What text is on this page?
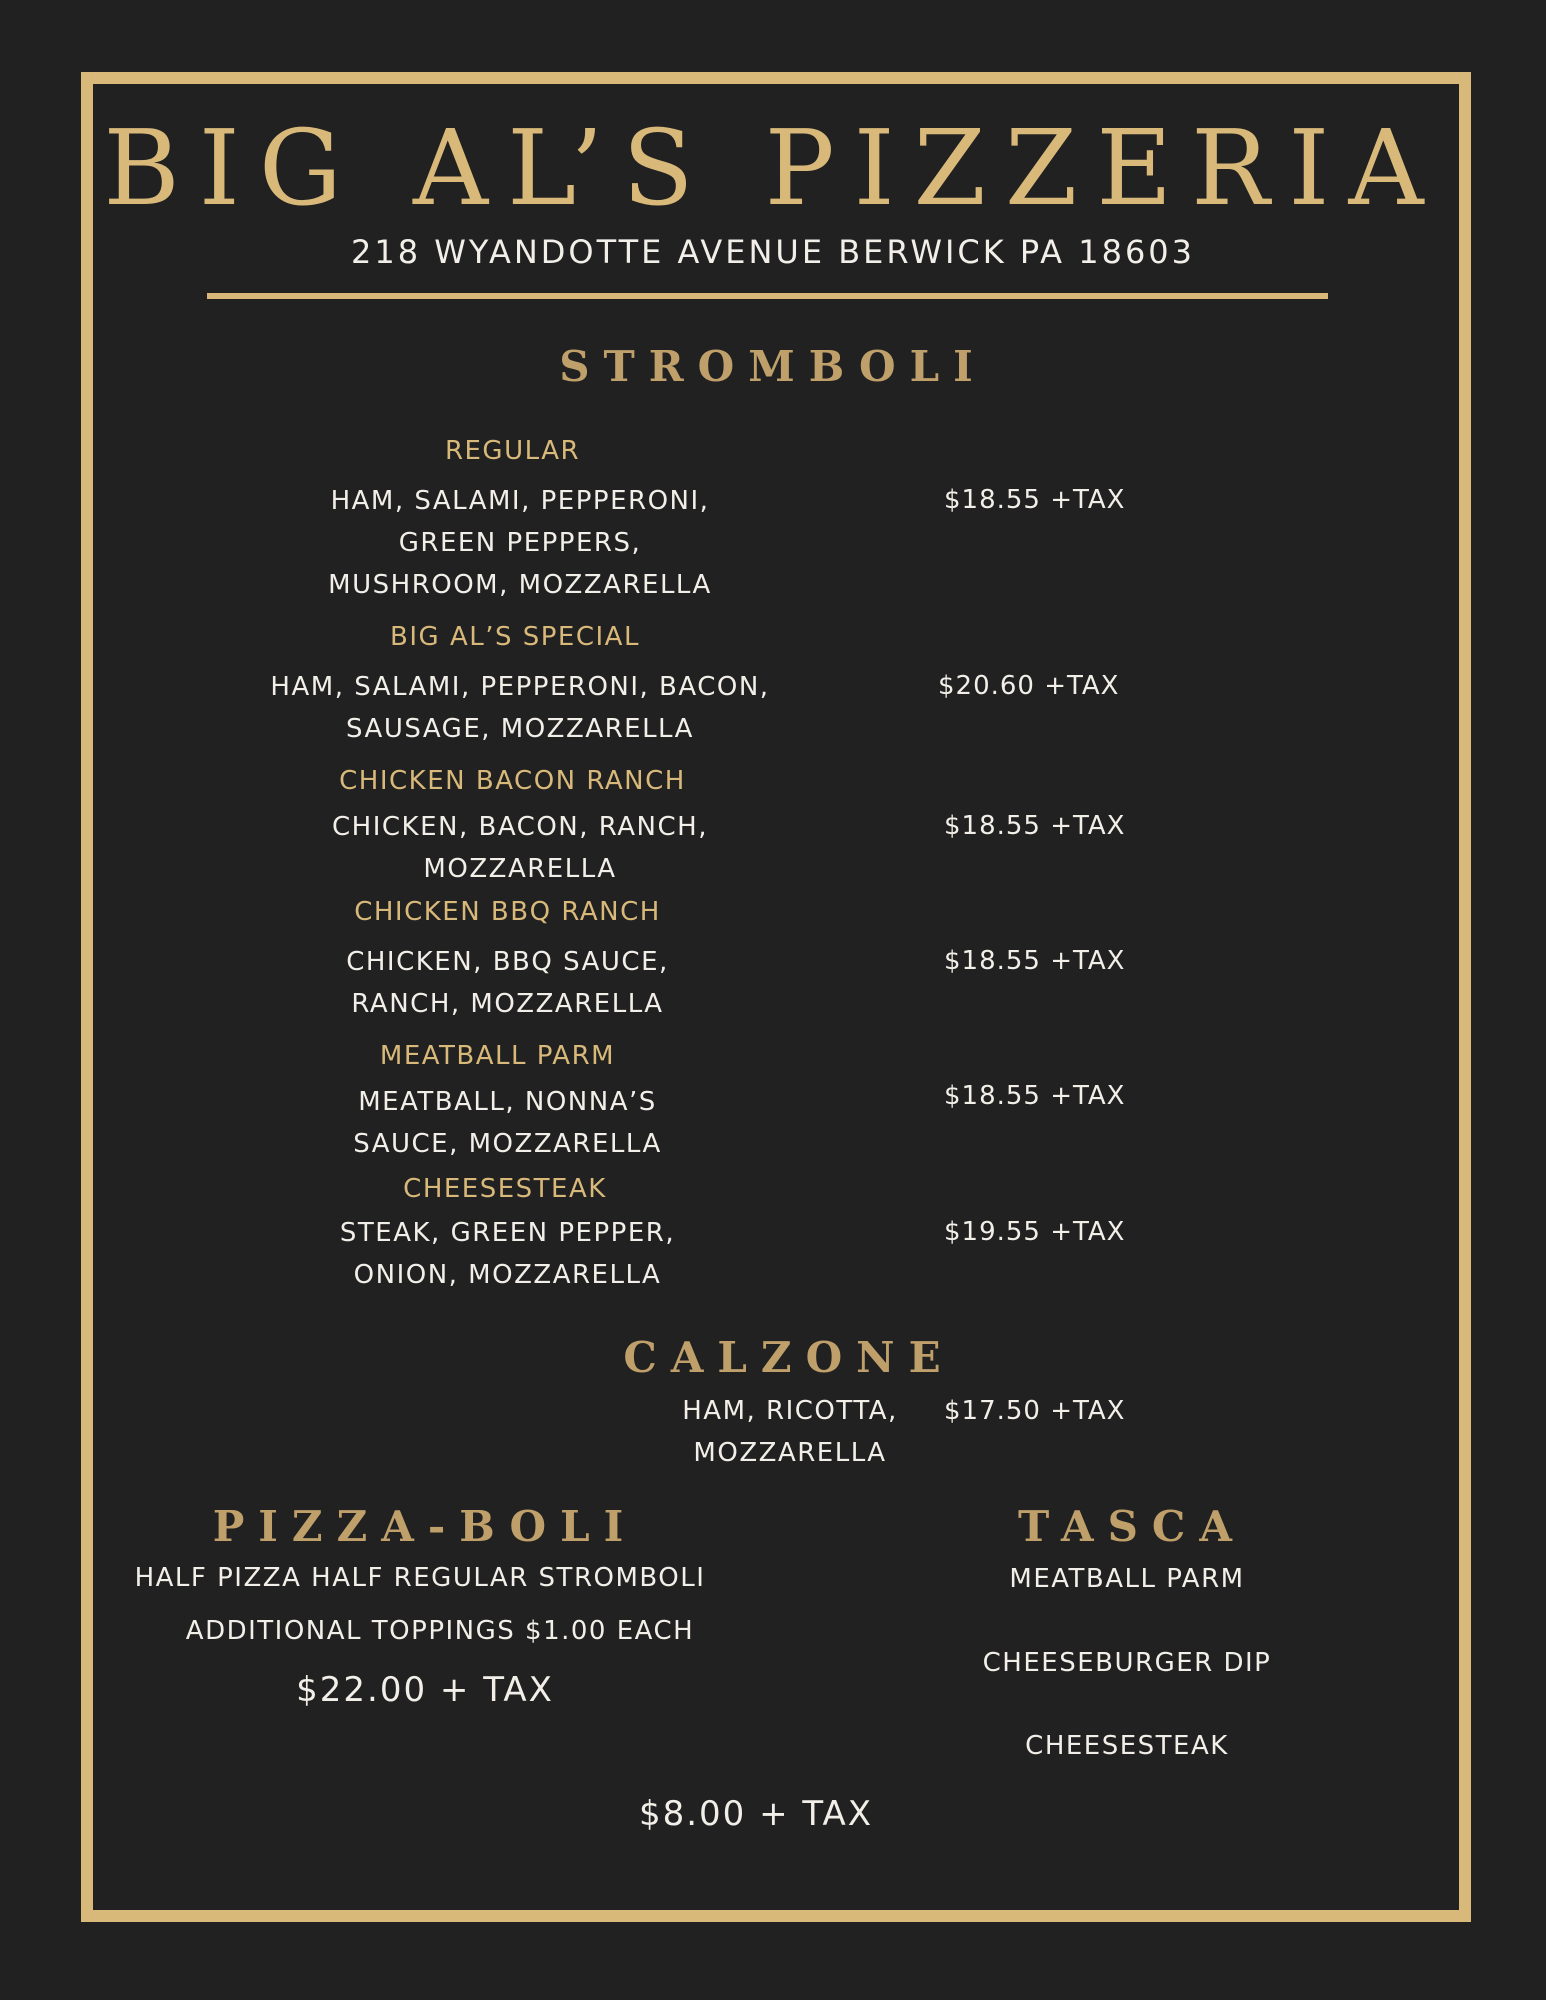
BIG AL’S PIZZERIA
218 WYANDOTTE AVENUE BERWICK PA 18603
STROMBOLI
REGULAR
HAM, SALAMI, PEPPERONI,
GREEN PEPPERS,
MUSHROOM, MOZZARELLA
$18.55 +TAX
BIG AL’S SPECIAL
HAM, SALAMI, PEPPERONI, BACON,
SAUSAGE, MOZZARELLA
$20.60 +TAX
CHICKEN BACON RANCH
CHICKEN, BACON, RANCH,
MOZZARELLA
$18.55 +TAX
CHICKEN BBQ RANCH
CHICKEN, BBQ SAUCE,
RANCH, MOZZARELLA
$18.55 +TAX
MEATBALL PARM
MEATBALL, NONNA’S
SAUCE, MOZZARELLA
$18.55 +TAX
CHEESESTEAK
STEAK, GREEN PEPPER,
ONION, MOZZARELLA
$19.55 +TAX
CALZONE
HAM, RICOTTA,
MOZZARELLA
$17.50 +TAX
PIZZA-BOLI
HALF PIZZA HALF REGULAR STROMBOLI
ADDITIONAL TOPPINGS $1.00 EACH
$22.00 + TAX
TASCA
MEATBALL PARM
CHEESEBURGER DIP
CHEESESTEAK
$8.00 + TAX
